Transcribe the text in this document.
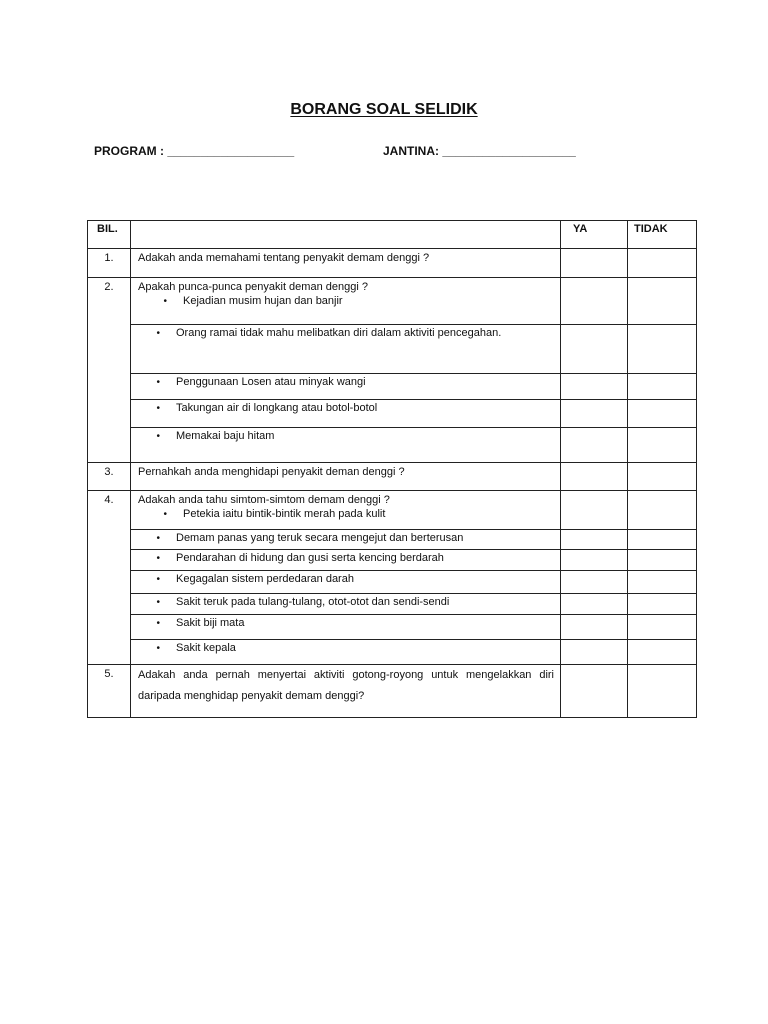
BORANG SOAL SELIDIK
PROGRAM : ___________________	JANTINA: ____________________
BIL.		YA	TIDAK
1.	Adakah anda memahami tentang penyakit demam denggi ?		
2.	Apakah punca-punca penyakit deman denggi ?
• Kejadian musim hujan dan banjir		

	• Orang ramai tidak mahu melibatkan diri dalam aktiviti pencegahan.		
	• Penggunaan Losen atau minyak wangi		
	• Takungan air di longkang atau botol-botol		
	• Memakai baju hitam		
3.	Pernahkah anda menghidapi penyakit deman denggi ?		
4.	Adakah anda tahu simtom-simtom demam denggi ?
• Petekia iaitu bintik-bintik merah pada kulit		

	• Demam panas yang teruk secara mengejut dan berterusan		
	• Pendarahan di hidung dan gusi serta kencing berdarah		
	• Kegagalan sistem perdedaran darah		
	• Sakit teruk pada tulang-tulang, otot-otot dan sendi-sendi		
	• Sakit biji mata		
	• Sakit kepala		
5.	Adakah anda pernah menyertai aktiviti gotong-royong untuk mengelakkan diri daripada menghidap penyakit demam denggi?		
